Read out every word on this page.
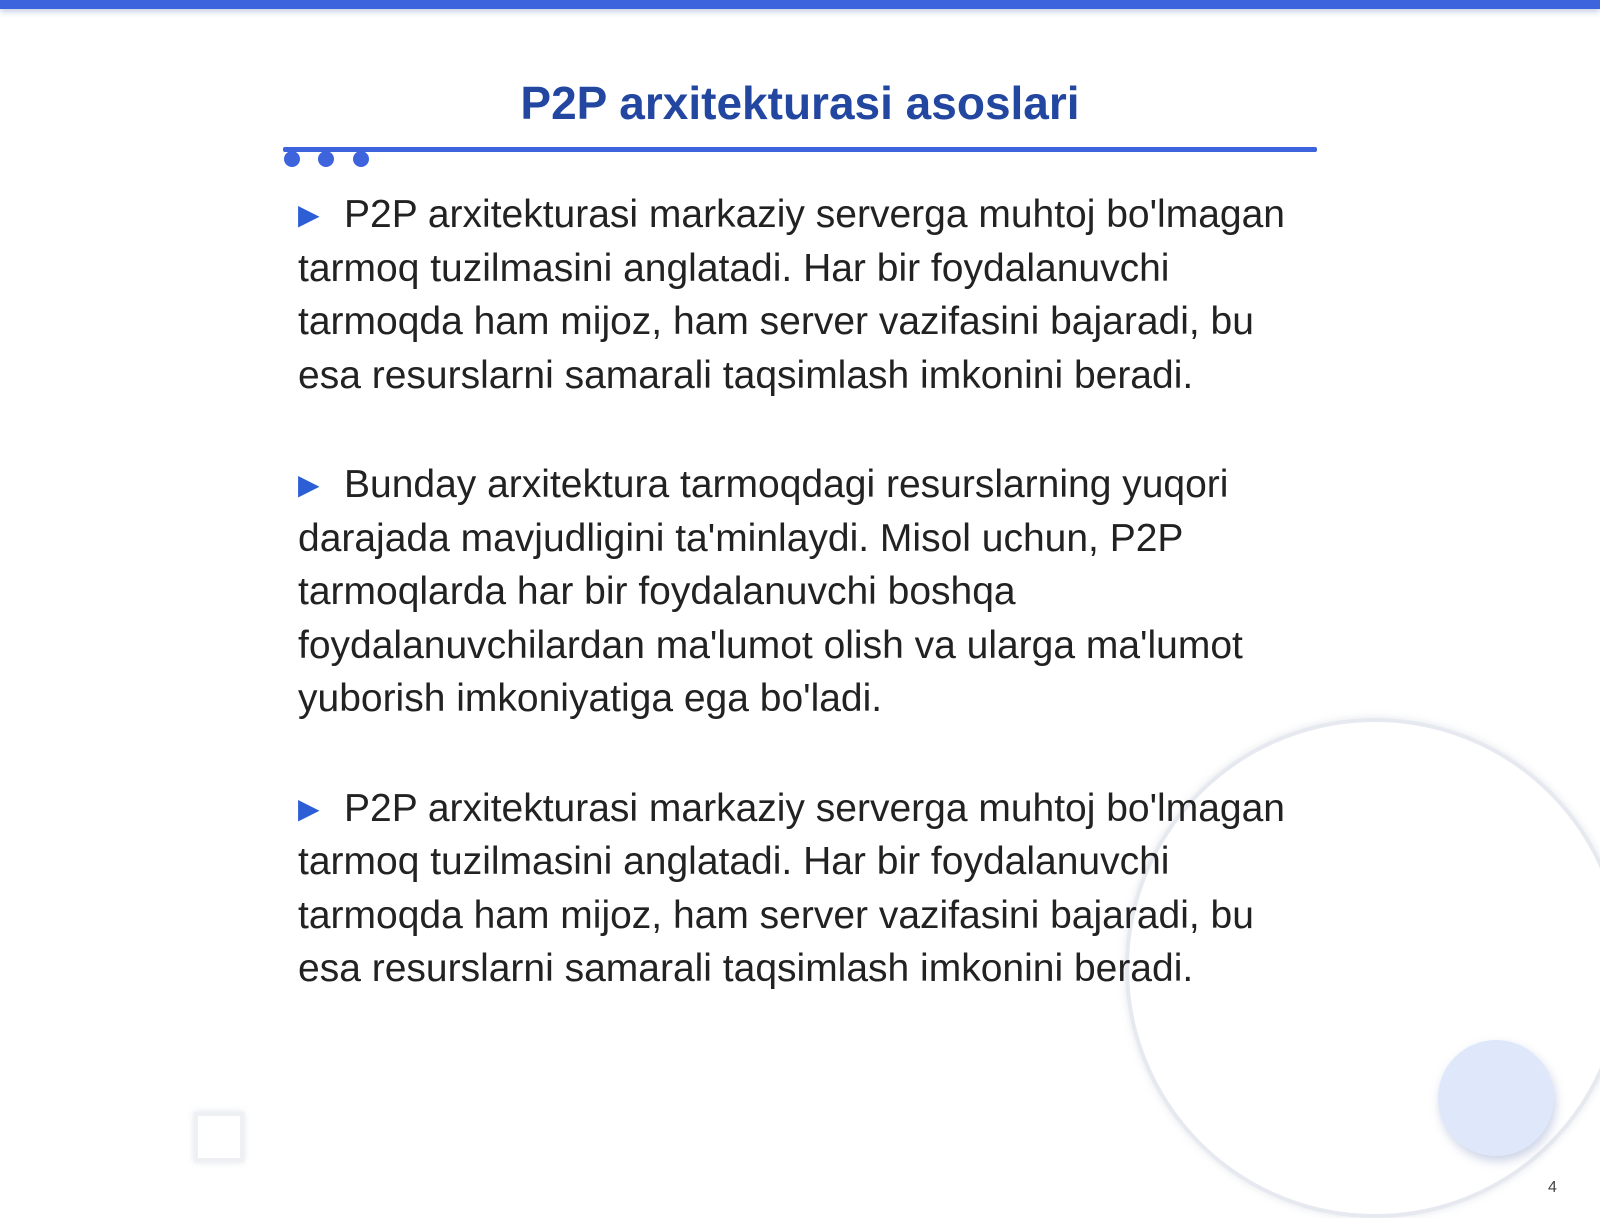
P2P arxitekturasi asoslari

▶ P2P arxitekturasi markaziy serverga muhtoj bo'lmagan tarmoq tuzilmasini anglatadi. Har bir foydalanuvchi tarmoqda ham mijoz, ham server vazifasini bajaradi, bu esa resurslarni samarali taqsimlash imkonini beradi.

▶ Bunday arxitektura tarmoqdagi resurslarning yuqori darajada mavjudligini ta'minlaydi. Misol uchun, P2P tarmoqlarda har bir foydalanuvchi boshqa foydalanuvchilardan ma'lumot olish va ularga ma'lumot yuborish imkoniyatiga ega bo'ladi.

▶ P2P arxitekturasi markaziy serverga muhtoj bo'lmagan tarmoq tuzilmasini anglatadi. Har bir foydalanuvchi tarmoqda ham mijoz, ham server vazifasini bajaradi, bu esa resurslarni samarali taqsimlash imkonini beradi.

4
